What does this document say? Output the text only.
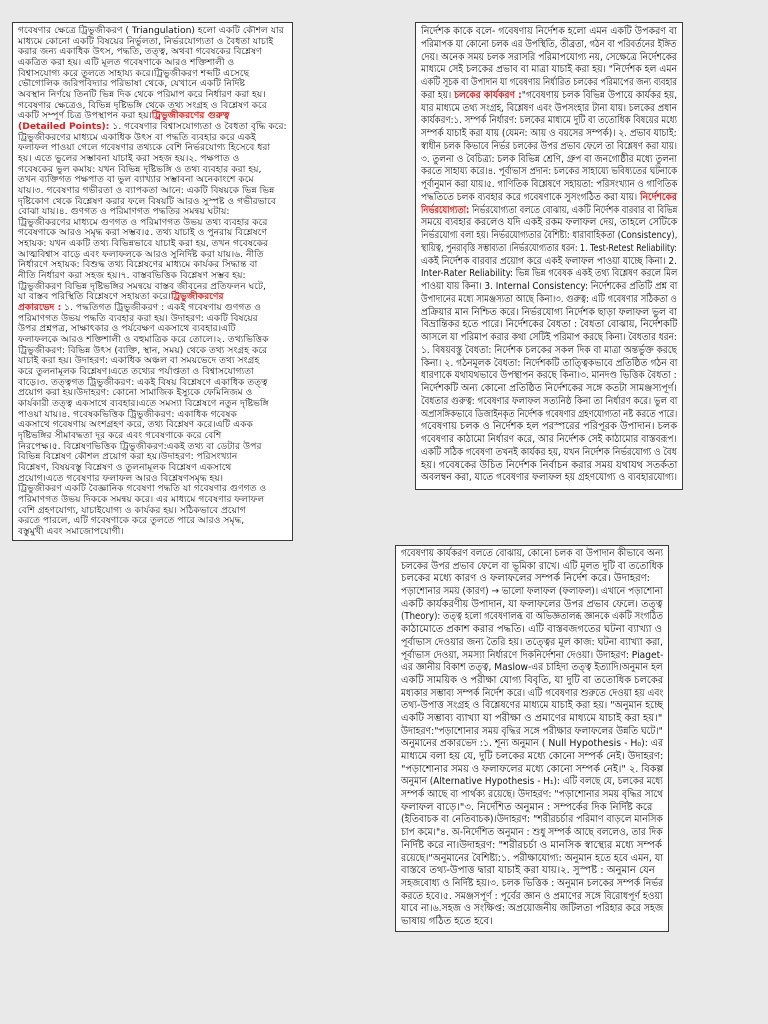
গবেষণার ক্ষেত্রে ট্রিভুজীকরণ ( Triangulation) হলো একটি কৌশল যার
মাধ্যমে কোনো একটি বিষয়ের নির্ভুলতা, নির্ভরযোগ্যতা ও বৈধতা যাচাই
করার জন্য একাধিক উৎস, পদ্ধতি, তত্ত্ব, অথবা গবেষকের বিশ্লেষণ
একত্রিত করা হয়। এটি মূলত গবেষণাকে আরও শক্তিশালী ও
বিশ্বাসযোগ্য করে তুলতে সাহায্য করে।ট্রিভুজীকরণ শব্দটি এসেছে
ভৌগোলিক জরিপবিদ্যার পরিভাষা থেকে, যেখানে একটি নির্দিষ্ট
অবস্থান নির্ণয়ে তিনটি ভিন্ন দিক থেকে পরিমাপ করে নির্ধারণ করা হয়।
গবেষণার ক্ষেত্রেও, বিভিন্ন দৃষ্টিভঙ্গি থেকে তথ্য সংগ্রহ ও বিশ্লেষণ করে
একটি সম্পূর্ণ চিত্র উপস্থাপন করা হয়।ট্রিভুজীকরণের গুরুত্ব
(Detailed Points): ১. গবেষণার বিশ্বাসযোগ্যতা ও বৈধতা বৃদ্ধি করে:
ট্রিভুজীকরণের মাধ্যমে একাধিক উৎস বা পদ্ধতি ব্যবহার করে একই
ফলাফল পাওয়া গেলে গবেষণার তথ্যকে বেশি নির্ভরযোগ্য হিসেবে ধরা
হয়। এতে ভুলের সম্ভাবনা যাচাই করা সহজ হয়।২. পক্ষপাত ও
গবেষকের ভুল কমায়: যখন বিভিন্ন দৃষ্টিভঙ্গি ও তথ্য ব্যবহার করা হয়,
তখন ব্যক্তিগত পক্ষপাত বা ভুল ব্যাখ্যার সম্ভাবনা অনেকাংশে কমে
যায়।৩. গবেষণার গভীরতা ও ব্যাপকতা আনে: একটি বিষয়কে ভিন্ন ভিন্ন
দৃষ্টিকোণ থেকে বিশ্লেষণ করার ফলে বিষয়টি আরও সুস্পষ্ট ও গভীরভাবে
বোঝা যায়।৪. গুণগত ও পরিমাণগত পদ্ধতির সমন্বয় ঘটায়:
ট্রিভুজীকরণের মাধ্যমে গুণগত ও পরিমাণগত উভয় তথ্য ব্যবহার করে
গবেষণাকে আরও সমৃদ্ধ করা সম্ভব।৫. তথ্য যাচাই ও পুনরায় বিশ্লেষণে
সহায়ক: যখন একটি তথ্য বিভিন্নভাবে যাচাই করা হয়, তখন গবেষকের
আত্মবিশ্বাস বাড়ে এবং ফলাফলকে আরও সুনির্দিষ্ট করা যায়।৬. নীতি
নির্ধারণে সহায়ক: বিশুদ্ধ তথ্য বিশ্লেষণের মাধ্যমে কার্যকর সিদ্ধান্ত বা
নীতি নির্ধারণ করা সহজ হয়।৭. বাস্তবভিত্তিক বিশ্লেষণ সম্ভব হয়:
ট্রিভুজীকরণ বিভিন্ন দৃষ্টিভঙ্গির সমন্বয়ে বাস্তব জীবনের প্রতিফলন ঘটে,
যা বাস্তব পরিস্থিতি বিশ্লেষণে সহায়তা করে।ট্রিভুজীকরণের
প্রকারভেদ : ১. পদ্ধতিগত ট্রিভুজীকরণ : একই গবেষণায় গুণগত ও
পরিমাণগত উভয় পদ্ধতি ব্যবহার করা হয়। উদাহরণ: একটি বিষয়ের
উপর প্রশ্নপত্র, সাক্ষাৎকার ও পর্যবেক্ষণ একসাথে ব্যবহার।এটি
ফলাফলকে আরও শক্তিশালী ও বহুমাত্রিক করে তোলে।২. তথ্যভিত্তিক
ট্রিভুজীকরণ: বিভিন্ন উৎস (ব্যক্তি, স্থান, সময়) থেকে তথ্য সংগ্রহ করে
যাচাই করা হয়। উদাহরণ: একাধিক অঞ্চল বা সময়ভেদে তথ্য সংগ্রহ
করে তুলনামূলক বিশ্লেষণ।এতে তথ্যের পর্যাপ্ততা ও বিশ্বাসযোগ্যতা
বাড়ে।৩. তত্ত্বগত ট্রিভুজীকরণ: একই বিষয় বিশ্লেষণে একাধিক তত্ত্ব
প্রয়োগ করা হয়।উদাহরণ: কোনো সামাজিক ইস্যুকে ফেমিনিজম ও
কার্যকারী তত্ত্ব একসাথে ব্যবহার।এতে সমস্যা বিশ্লেষণে নতুন দৃষ্টিভঙ্গি
পাওয়া যায়।৪. গবেষকভিত্তিক ট্রিভুজীকরণ: একাধিক গবেষক
একসাথে গবেষণায় অংশগ্রহণ করে, তথ্য বিশ্লেষণ করে।এটি একক
দৃষ্টিভঙ্গির সীমাবদ্ধতা দূর করে এবং গবেষণাকে করে বেশি
নিরপেক্ষ।৫. বিশ্লেষণভিত্তিক ট্রিভুজীকরণ:একই তথ্য বা ডেটার উপর
বিভিন্ন বিশ্লেষণ কৌশল প্রয়োগ করা হয়।উদাহরণ: পরিসংখ্যান
বিশ্লেষণ, বিষয়বস্তু বিশ্লেষণ ও তুলনামূলক বিশ্লেষণ একসাথে
প্রয়োগ।এতে গবেষণার ফলাফল আরও বিশ্লেষণসমৃদ্ধ হয়।
ট্রিভুজীকরণ একটি বৈজ্ঞানিক গবেষণা পদ্ধতি যা গবেষণার গুণগত ও
পরিমাণগত উভয় দিককে সমন্বয় করে। এর মাধ্যমে গবেষণার ফলাফল
বেশি গ্রহণযোগ্য, যাচাইযোগ্য ও কার্যকর হয়। সঠিকভাবে প্রয়োগ
করতে পারলে, এটি গবেষণাকে করে তুলতে পারে আরও সমৃদ্ধ,
বস্তুমুখী এবং সমাজোপযোগী।
নির্দেশক কাকে বলে- গবেষণায় নির্দেশক হলো এমন একটি উপকরণ বা
পরিমাপক যা কোনো চলক এর উপস্থিতি, তীব্রতা, গঠন বা পরিবর্তনের ইঙ্গিত
দেয়। অনেক সময় চলক সরাসরি পরিমাপযোগ্য নয়, সেক্ষেত্রে নির্দেশকের
মাধ্যমে সেই চলকের প্রভাব বা মাত্রা যাচাই করা হয়। "নির্দেশক হল এমন
একটি সূচক বা উপাদান যা গবেষণায় নির্ধারিত চলকের পরিমাপের জন্য ব্যবহার
করা হয়। চলকের কার্যকরণ :"গবেষণায় চলক বিভিন্ন উপায়ে কার্যকর হয়,
যার মাধ্যমে তথ্য সংগ্রহ, বিশ্লেষণ এবং উপসংহার টানা যায়। চলকের প্রধান
কার্যকরণ:১. সম্পর্ক নির্ধারণ: চলকের মাধ্যমে দুটি বা ততোধিক বিষয়ের মধ্যে
সম্পর্ক যাচাই করা যায় (যেমন: আয় ও বয়সের সম্পর্ক)। ২. প্রভাব যাচাই:
স্বাধীন চলক কিভাবে নির্ভর চলকের উপর প্রভাব ফেলে তা বিশ্লেষণ করা যায়।
৩. তুলনা ও বৈচিত্র্য: চলক বিভিন্ন শ্রেণি, গ্রুপ বা জনগোষ্ঠীর মধ্যে তুলনা
করতে সাহায্য করে।৪. পূর্বাভাস প্রদান: চলকের সাহায্যে ভবিষ্যতের ঘটনাকে
পূর্বানুমান করা যায়।৫. গাণিতিক বিশ্লেষণে সহায়তা: পরিসংখ্যান ও গাণিতিক
পদ্ধতিতে চলক ব্যবহার করে গবেষণাকে সুসংগঠিত করা যায়। নির্দেশকের
নির্ভরযোগ্যতা: নির্ভরযোগ্যতা বলতে বোঝায়, একটি নির্দেশক বারবার বা বিভিন্ন
সময়ে ব্যবহার করলেও যদি একই রকম ফলাফল দেয়, তাহলে সেটিকে
নির্ভরযোগ্য বলা হয়। নির্ভরযোগ্যতার বৈশিষ্ট্য: ধারাবাহিকতা (Consistency),
স্থায়িত্ব, পুনরাবৃত্তি সম্ভাব্যতা ।নির্ভরযোগ্যতার ধরন: 1. Test-Retest Reliability:
একই নির্দেশক বারবার প্রয়োগ করে একই ফলাফল পাওয়া যাচ্ছে কিনা। 2.
Inter-Rater Reliability: ভিন্ন ভিন্ন গবেষক একই তথ্য বিশ্লেষণ করলে মিল
পাওয়া যায় কিনা। 3. Internal Consistency: নির্দেশকের প্রতিটি প্রশ্ন বা
উপাদানের মধ্যে সামঞ্জস্যতা আছে কিনা।৩. গুরুত্ব: এটি গবেষণার সঠিকতা ও
প্রক্রিয়ার মান নিশ্চিত করে। নির্ভরযোগ্য নির্দেশক ছাড়া ফলাফল ভুল বা
বিভ্রান্তিকর হতে পারে। নির্দেশকের বৈধতা : বৈধতা বোঝায়, নির্দেশকটি
আসলে যা পরিমাপ করার কথা সেটিই পরিমাপ করছে কিনা। বৈধতার ধরন:
১. বিষয়বস্তু বৈধতা: নির্দেশক চলকের সকল দিক বা মাত্রা অন্তর্ভুক্ত করছে
কিনা। ২. গঠনমূলক বৈধতা: নির্দেশকটি তাত্ত্বিকভাবে প্রতিষ্ঠিত গঠন বা
ধারণাকে যথাযথভাবে উপস্থাপন করছে কিনা।৩. মানদণ্ড ভিত্তিক বৈধতা :
নির্দেশকটি অন্য কোনো প্রতিষ্ঠিত নির্দেশকের সঙ্গে কতটা সামঞ্জস্যপূর্ণ।
বৈধতার গুরুত্ব: গবেষণার ফলাফল সত্যনিষ্ঠ কিনা তা নির্ধারণ করে। ভুল বা
অপ্রাসঙ্গিকভাবে ডিজাইনকৃত নির্দেশক গবেষণার গ্রহণযোগ্যতা নষ্ট করতে পারে।
গবেষণায় চলক ও নির্দেশক হল পরস্পরের পরিপূরক উপাদান। চলক
গবেষণার কাঠামো নির্ধারণ করে, আর নির্দেশক সেই কাঠামোর বাস্তবরূপ।
একটি সঠিক গবেষণা তখনই কার্যকর হয়, যখন নির্দেশক নির্ভরযোগ্য ও বৈধ
হয়। গবেষকের উচিত নির্দেশক নির্বাচন করার সময় যথাযথ সতর্কতা
অবলম্বন করা, যাতে গবেষণার ফলাফল হয় গ্রহণযোগ্য ও ব্যবহারযোগ্য।
গবেষণায় কার্যকরণ বলতে বোঝায়, কোনো চলক বা উপাদান কীভাবে অন্য
চলকের উপর প্রভাব ফেলে বা ভূমিকা রাখে। এটি মূলত দুটি বা ততোধিক
চলকের মধ্যে কারণ ও ফলাফলের সম্পর্ক নির্দেশ করে। উদাহরণ:
পড়াশোনার সময় (কারণ) → ভালো ফলাফল (ফলাফল)। এখানে পড়াশোনা
একটি কার্যকরণীয় উপাদান, যা ফলাফলের উপর প্রভাব ফেলে। তত্ত্ব
(Theory): তত্ত্ব হলো গবেষণালব্ধ বা অভিজ্ঞতালব্ধ জ্ঞানকে একটি সংগঠিত
কাঠামোতে প্রকাশ করার পদ্ধতি। এটি বাস্তবজগতের ঘটনা ব্যাখ্যা ও
পূর্বাভাস দেওয়ার জন্য তৈরি হয়। তত্ত্বের মূল কাজ: ঘটনা ব্যাখ্যা করা,
পূর্বাভাস দেওয়া, সমস্যা নির্ধারণে দিকনির্দেশনা দেওয়া। উদাহরণ: Piaget-
এর জ্ঞানীয় বিকাশ তত্ত্ব, Maslow-এর চাহিদা তত্ত্ব ইত্যাদি।অনুমান হল
একটি সাময়িক ও পরীক্ষা যোগ্য বিবৃতি, যা দুটি বা ততোধিক চলকের
মধ্যকার সম্ভাব্য সম্পর্ক নির্দেশ করে। এটি গবেষণার শুরুতে দেওয়া হয় এবং
তথ্য-উপাত্ত সংগ্রহ ও বিশ্লেষণের মাধ্যমে যাচাই করা হয়। "অনুমান হচ্ছে
একটি সম্ভাব্য ব্যাখ্যা যা পরীক্ষা ও প্রমাণের মাধ্যমে যাচাই করা হয়।"
উদাহরণ:"পড়াশোনার সময় বৃদ্ধির সঙ্গে পরীক্ষার ফলাফলের উন্নতি ঘটে।"
অনুমানের প্রকারভেদ :১. শূন্য অনুমান ( Null Hypothesis - H₀): এর
মাধ্যমে বলা হয় যে, দুটি চলকের মধ্যে কোনো সম্পর্ক নেই। উদাহরণ:
"পড়াশোনার সময় ও ফলাফলের মধ্যে কোনো সম্পর্ক নেই।" ২. বিকল্প
অনুমান (Alternative Hypothesis - H₁): এটি বলছে যে, চলকের মধ্যে
সম্পর্ক আছে বা পার্থক্য রয়েছে। উদাহরণ: "পড়াশোনার সময় বৃদ্ধির সাথে
ফলাফল বাড়ে।"৩. নির্দেশিত অনুমান : সম্পর্কের দিক নির্দিষ্ট করে
(ইতিবাচক বা নেতিবাচক)।উদাহরণ: "শরীরচর্চার পরিমাণ বাড়লে মানসিক
চাপ কমে।"৪. অ-নির্দেশিত অনুমান : শুধু সম্পর্ক আছে বললেও, তার দিক
নির্দিষ্ট করে না।উদাহরণ: "শরীরচর্চা ও মানসিক স্বাস্থ্যের মধ্যে সম্পর্ক
রয়েছে।"অনুমানের বৈশিষ্ট্য:১. পরীক্ষাযোগ্য: অনুমান হতে হবে এমন, যা
বাস্তবে তথ্য-উপাত্ত দ্বারা যাচাই করা যায়।২. সুস্পষ্ট : অনুমান যেন
সহজবোধ্য ও নির্দিষ্ট হয়।৩. চলক ভিত্তিক : অনুমান চলকের সম্পর্ক নির্ভর
করতে হবে।৫. সমঞ্জসপূর্ণ : পূর্বের জ্ঞান ও প্রমাণের সঙ্গে বিরোধপূর্ণ হওয়া
যাবে না।৬.সহজ ও সংক্ষিপ্ত: অপ্রয়োজনীয় জটিলতা পরিহার করে সহজ
ভাষায় গঠিত হতে হবে।
